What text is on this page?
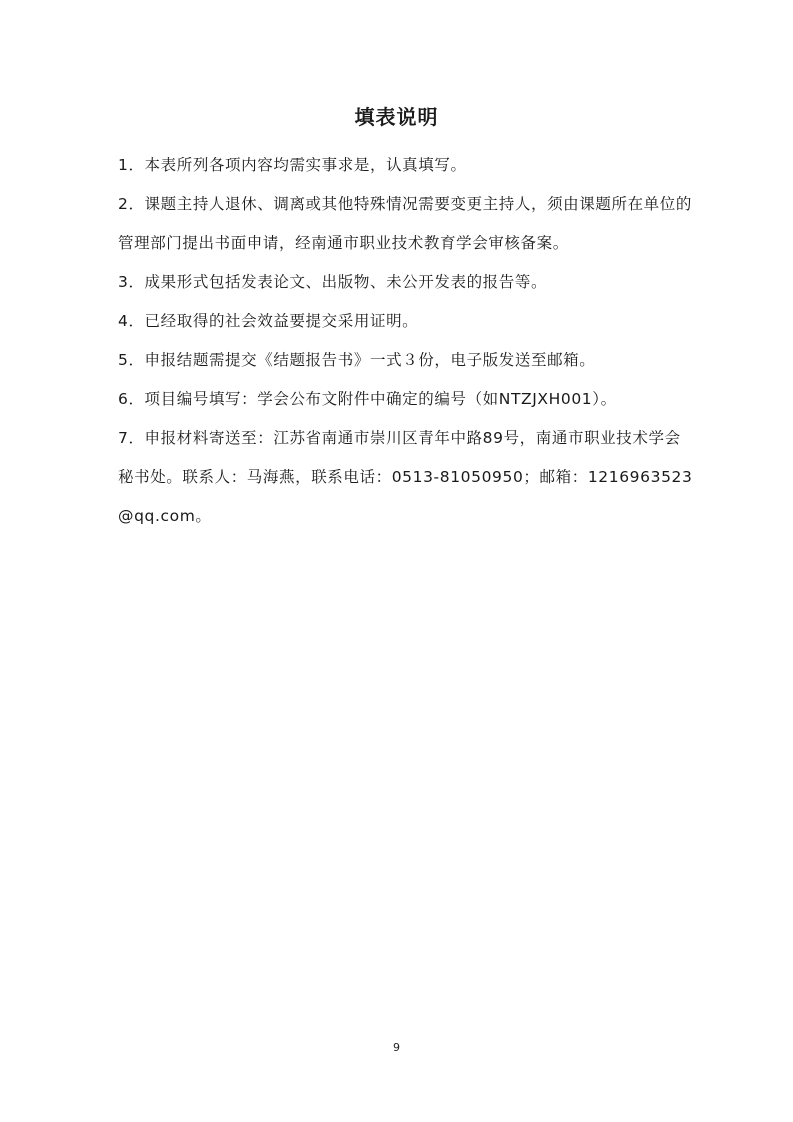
填表说明

1．本表所列各项内容均需实事求是，认真填写。

2．课题主持人退休、调离或其他特殊情况需要变更主持人，须由课题所在单位的管理部门提出书面申请，经南通市职业技术教育学会审核备案。

3．成果形式包括发表论文、出版物、未公开发表的报告等。

4．已经取得的社会效益要提交采用证明。

5．申报结题需提交《结题报告书》一式３份，电子版发送至邮箱。

6．项目编号填写：学会公布文附件中确定的编号（如NTZJXH001）。

7．申报材料寄送至：江苏省南通市崇川区青年中路89号，南通市职业技术学会秘书处。联系人：马海燕，联系电话：0513-81050950；邮箱：1216963523@qq.com。

9
